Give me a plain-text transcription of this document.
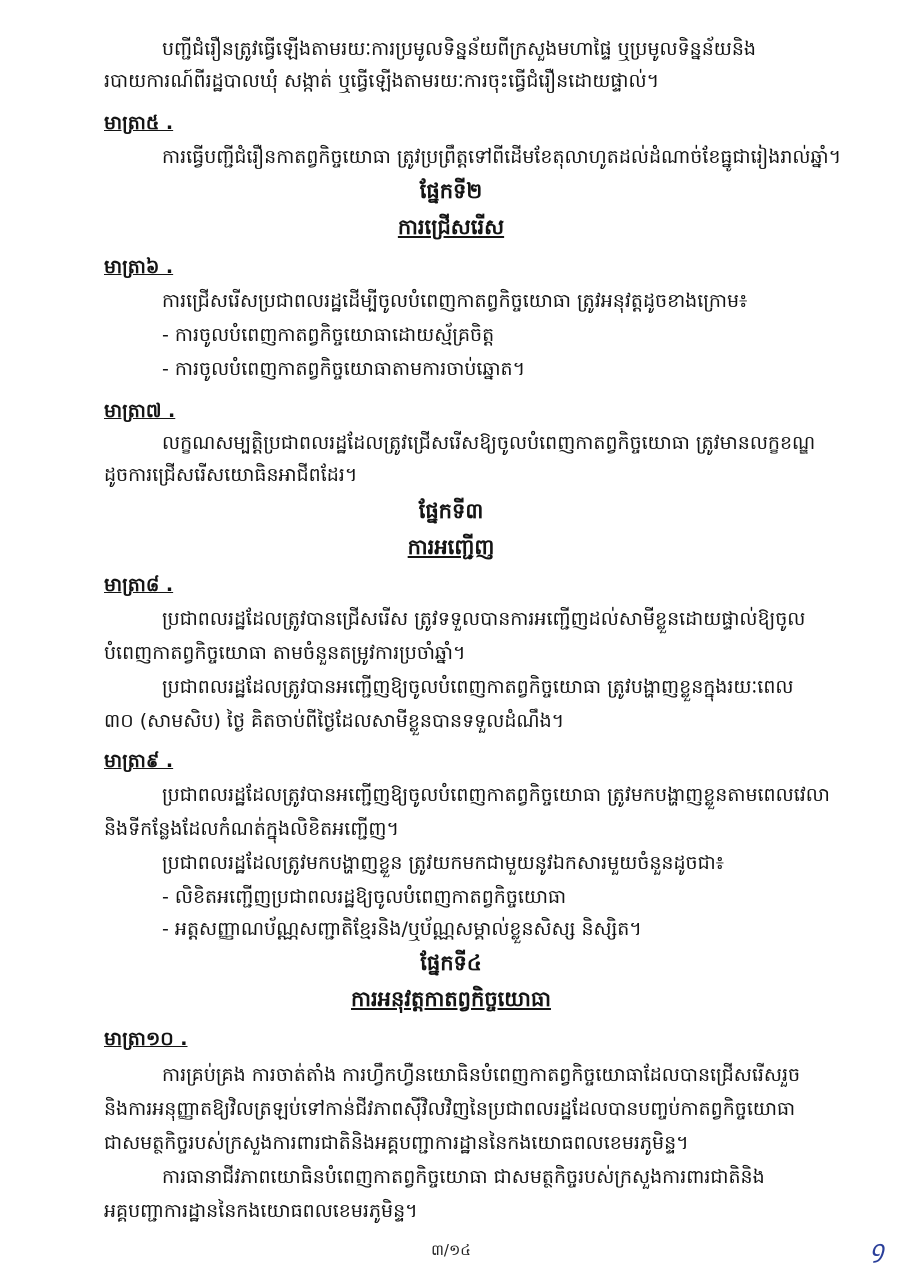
បញ្ជីជំរឿនត្រូវធ្វើឡើងតាមរយៈការប្រមូលទិន្នន័យពីក្រសួងមហាផ្ទៃ ឬប្រមូលទិន្នន័យនិង
របាយការណ៍ពីរដ្ឋបាលឃុំ សង្កាត់ ឬធ្វើឡើងតាមរយៈការចុះធ្វើជំរឿនដោយផ្ទាល់។
មាត្រា៥ .
ការធ្វើបញ្ជីជំរឿនកាតព្វកិច្ចយោធា ត្រូវប្រព្រឹត្តទៅពីដើមខែតុលាហូតដល់ដំណាច់ខែធ្នូជារៀងរាល់ឆ្នាំ។
ផ្នែកទី២
ការជ្រើសរើស
មាត្រា៦ .
ការជ្រើសរើសប្រជាពលរដ្ឋដើម្បីចូលបំពេញកាតព្វកិច្ចយោធា ត្រូវអនុវត្តដូចខាងក្រោម៖
- ការចូលបំពេញកាតព្វកិច្ចយោធាដោយស្ម័គ្រចិត្ត
- ការចូលបំពេញកាតព្វកិច្ចយោធាតាមការចាប់ឆ្នោត។
មាត្រា៧ .
លក្ខណសម្បត្តិប្រជាពលរដ្ឋដែលត្រូវជ្រើសរើសឱ្យចូលបំពេញកាតព្វកិច្ចយោធា ត្រូវមានលក្ខខណ្ឌ
ដូចការជ្រើសរើសយោធិនអាជីពដែរ។
ផ្នែកទី៣
ការអញ្ជើញ
មាត្រា៨ .
ប្រជាពលរដ្ឋដែលត្រូវបានជ្រើសរើស ត្រូវទទួលបានការអញ្ជើញដល់សាមីខ្លួនដោយផ្ទាល់ឱ្យចូល
បំពេញកាតព្វកិច្ចយោធា តាមចំនួនតម្រូវការប្រចាំឆ្នាំ។
ប្រជាពលរដ្ឋដែលត្រូវបានអញ្ជើញឱ្យចូលបំពេញកាតព្វកិច្ចយោធា ត្រូវបង្ហាញខ្លួនក្នុងរយៈពេល
៣០ (សាមសិប) ថ្ងៃ គិតចាប់ពីថ្ងៃដែលសាមីខ្លួនបានទទួលដំណឹង។
មាត្រា៩ .
ប្រជាពលរដ្ឋដែលត្រូវបានអញ្ជើញឱ្យចូលបំពេញកាតព្វកិច្ចយោធា ត្រូវមកបង្ហាញខ្លួនតាមពេលវេលា
និងទីកន្លែងដែលកំណត់ក្នុងលិខិតអញ្ជើញ។
ប្រជាពលរដ្ឋដែលត្រូវមកបង្ហាញខ្លួន ត្រូវយកមកជាមួយនូវឯកសារមួយចំនួនដូចជា៖
- លិខិតអញ្ជើញប្រជាពលរដ្ឋឱ្យចូលបំពេញកាតព្វកិច្ចយោធា
- អត្តសញ្ញាណប័ណ្ណសញ្ជាតិខ្មែរនិង/ឬប័ណ្ណសម្គាល់ខ្លួនសិស្ស និស្សិត។
ផ្នែកទី៤
ការអនុវត្តកាតព្វកិច្ចយោធា
មាត្រា១០ .
ការគ្រប់គ្រង ការចាត់តាំង ការហ្វឹកហ្វឺនយោធិនបំពេញកាតព្វកិច្ចយោធាដែលបានជ្រើសរើសរួច
និងការអនុញ្ញាតឱ្យវិលត្រឡប់ទៅកាន់ជីវភាពស៊ីវិលវិញនៃប្រជាពលរដ្ឋដែលបានបញ្ចប់កាតព្វកិច្ចយោធា
ជាសមត្ថកិច្ចរបស់ក្រសួងការពារជាតិនិងអគ្គបញ្ជាការដ្ឋាននៃកងយោធពលខេមរភូមិន្ទ។
ការធានាជីវភាពយោធិនបំពេញកាតព្វកិច្ចយោធា ជាសមត្ថកិច្ចរបស់ក្រសួងការពារជាតិនិង
អគ្គបញ្ជាការដ្ឋាននៃកងយោធពលខេមរភូមិន្ទ។
៣/១៤	ꝯ
